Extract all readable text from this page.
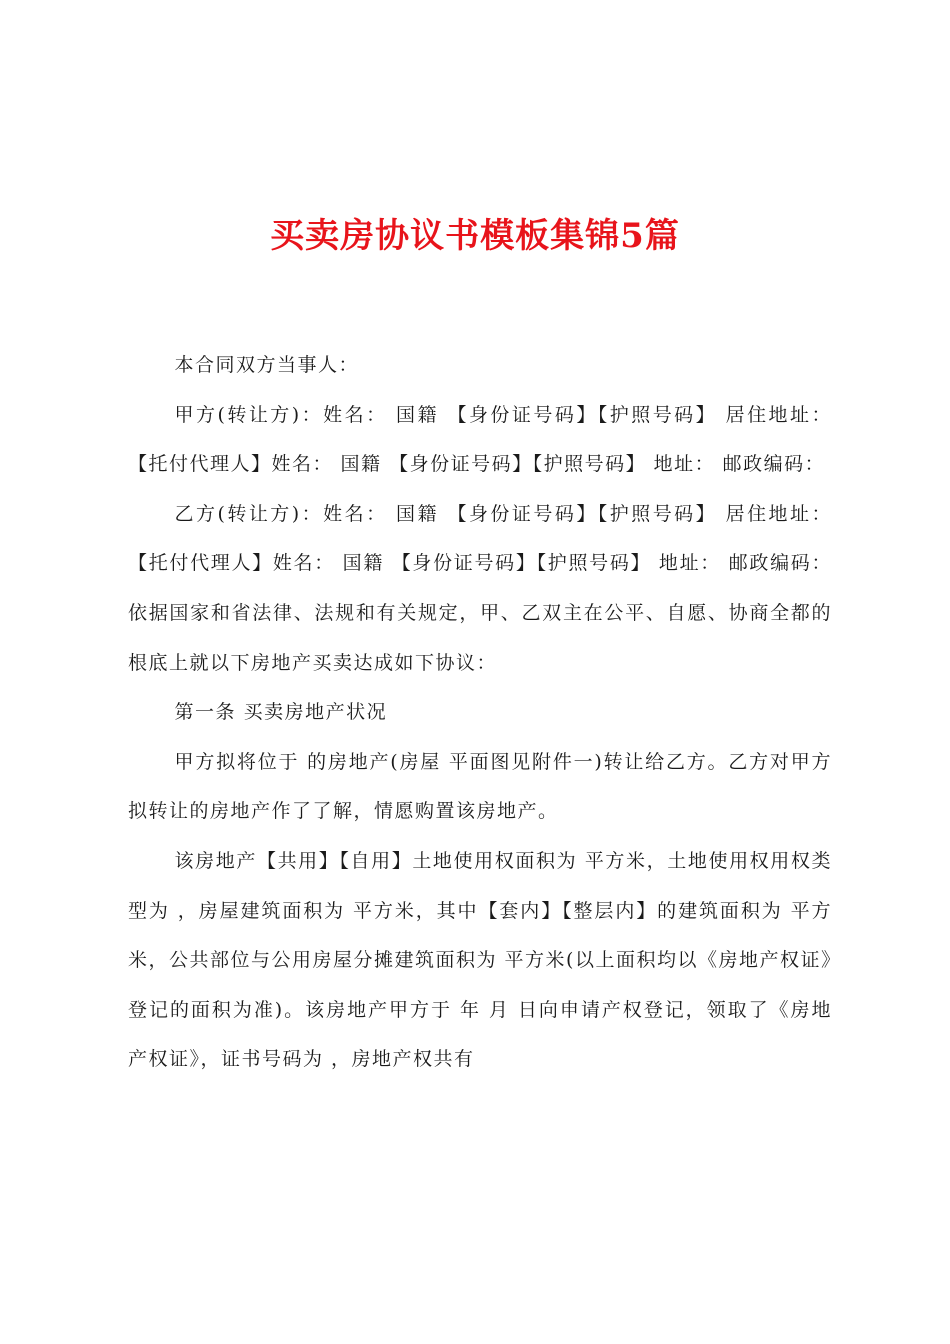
买卖房协议书模板集锦5篇

本合同双方当事人：

甲方(转让方)：姓名： 国籍 【身份证号码】【护照号码】 居住地址： 【托付代理人】姓名： 国籍 【身份证号码】【护照号码】 地址： 邮政编码：

乙方(转让方)：姓名： 国籍 【身份证号码】【护照号码】 居住地址： 【托付代理人】姓名： 国籍 【身份证号码】【护照号码】 地址： 邮政编码： 依据国家和省法律、法规和有关规定，甲、乙双主在公平、自愿、协商全都的根底上就以下房地产买卖达成如下协议：

第一条 买卖房地产状况

甲方拟将位于 的房地产(房屋 平面图见附件一)转让给乙方。乙方对甲方拟转让的房地产作了了解，情愿购置该房地产。

该房地产【共用】【自用】土地使用权面积为 平方米，土地使用权用权类型为 ，房屋建筑面积为 平方米，其中【套内】【整层内】的建筑面积为 平方米，公共部位与公用房屋分摊建筑面积为 平方米(以上面积均以《房地产权证》登记的面积为准)。该房地产甲方于 年 月 日向申请产权登记，领取了《房地产权证》，证书号码为 ，房地产权共有
